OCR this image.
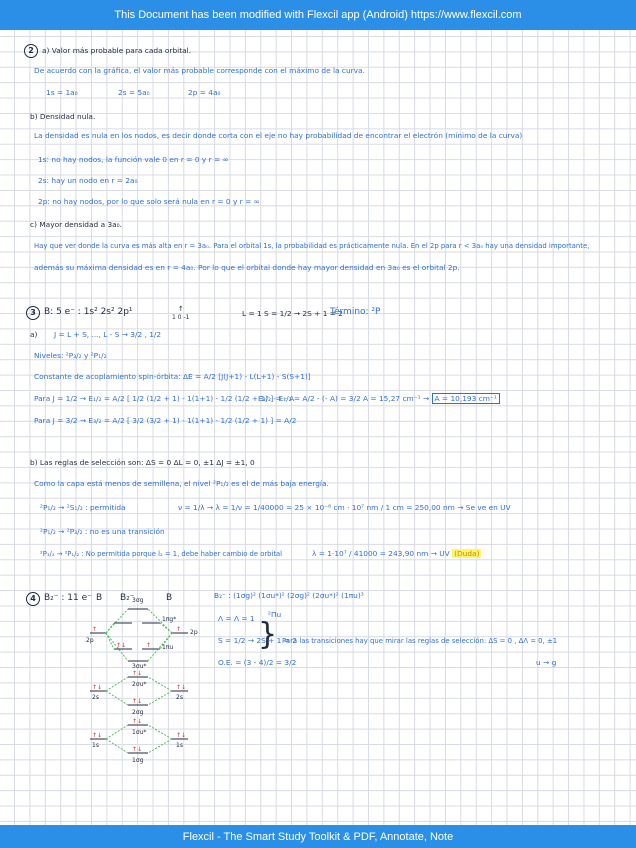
This Document has been modified with Flexcil app (Android) https://www.flexcil.com
2	a) Valor más probable para cada orbital.
De acuerdo con la gráfica, el valor más probable corresponde con el máximo de la curva.
1s = 1a₀	2s = 5a₀	2p = 4a₀
b) Densidad nula.
La densidad es nula en los nodos, es decir donde corta con el eje no hay probabilidad de encontrar el electrón (mínimo de la curva)
1s: no hay nodos, la función vale 0 en r = 0 y r = ∞
2s: hay un nodo en r = 2a₀
2p: no hay nodos, por lo que solo será nula en r = 0 y r = ∞
c) Mayor densidad a 3a₀.
Hay que ver donde la curva es más alta en r = 3a₀. Para el orbital 1s, la probabilidad es prácticamente nula. En el 2p para r < 3a₀ hay una densidad importante,
además su máxima densidad es en r = 4a₀. Por lo que el orbital donde hay mayor densidad en 3a₀ es el orbital 2p.
3 B: 5 e⁻ : 1s² 2s² 2p¹	↑
1 0 -1	L = 1 S = 1/2 → 2S + 1 = 2
Término: ²P
a) J = L + S, ..., L - S → 3/2 , 1/2
Niveles: ²P₃/₂ y ²P₁/₂
Constante de acoplamiento spin-órbita: ΔE = A/2 [J(J+1) - L(L+1) - S(S+1)]
Para J = 1/2 → E₁/₂ = A/2 [ 1/2 (1/2 + 1) - 1(1+1) - 1/2 (1/2 + 1) ] = - A
E₃/₂ - E₁/₂ = A/2 - (- A) = 3/2 A = 15,27 cm⁻¹ → A = 10,193 cm⁻¹
Para J = 3/2 → E₃/₂ = A/2 [ 3/2 (3/2 + 1) - 1(1+1) - 1/2 (1/2 + 1) ] = A/2
b) Las reglas de selección son: ΔS = 0 ΔL = 0, ±1 ΔJ = ±1, 0
Como la capa está menos de semillena, el nivel ²P₁/₂ es el de más baja energía.
²P₁/₂ → ²S₁/₂ : permitida	ν = 1/λ → λ = 1/ν = 1/40000 = 25 × 10⁻⁶ cm · 10⁷ nm / 1 cm = 250,00 nm → Se ve en UV
²P₁/₂ → ²P₃/₂ : no es una transición
²P₃/₂ → ²P₁/₂ : No permitida porque l₂ = 1, debe haber cambio de orbital	λ = 1·10⁷ / 41000 = 243,90 nm → UV (Duda)
4 B₂⁻ : 11 e⁻ B B₂⁻	B	B₂⁻ : (1σg)² (1σu*)² (2σg)² (2σu*)² (1πu)³
Λ = Λ = 1 ²Πu
S = 1/2 → 2S + 1 = 2
} Para las transiciones hay que mirar las reglas de selección: ΔS = 0 , ΔΛ = 0, ±1
O.E. = (3 - 4)/2 = 3/2	u → g
↑	↑
↑↓	↑
↑↓
↑↓	↑↓
↑↓
↑↓
↑↓	↑↓
↑↓
3σg
1πg*
2p
2p
1πu
3σu*
2s	2s
2σu*
2σg
1s	1s
1σu*
1σg
Flexcil - The Smart Study Toolkit & PDF, Annotate, Note
